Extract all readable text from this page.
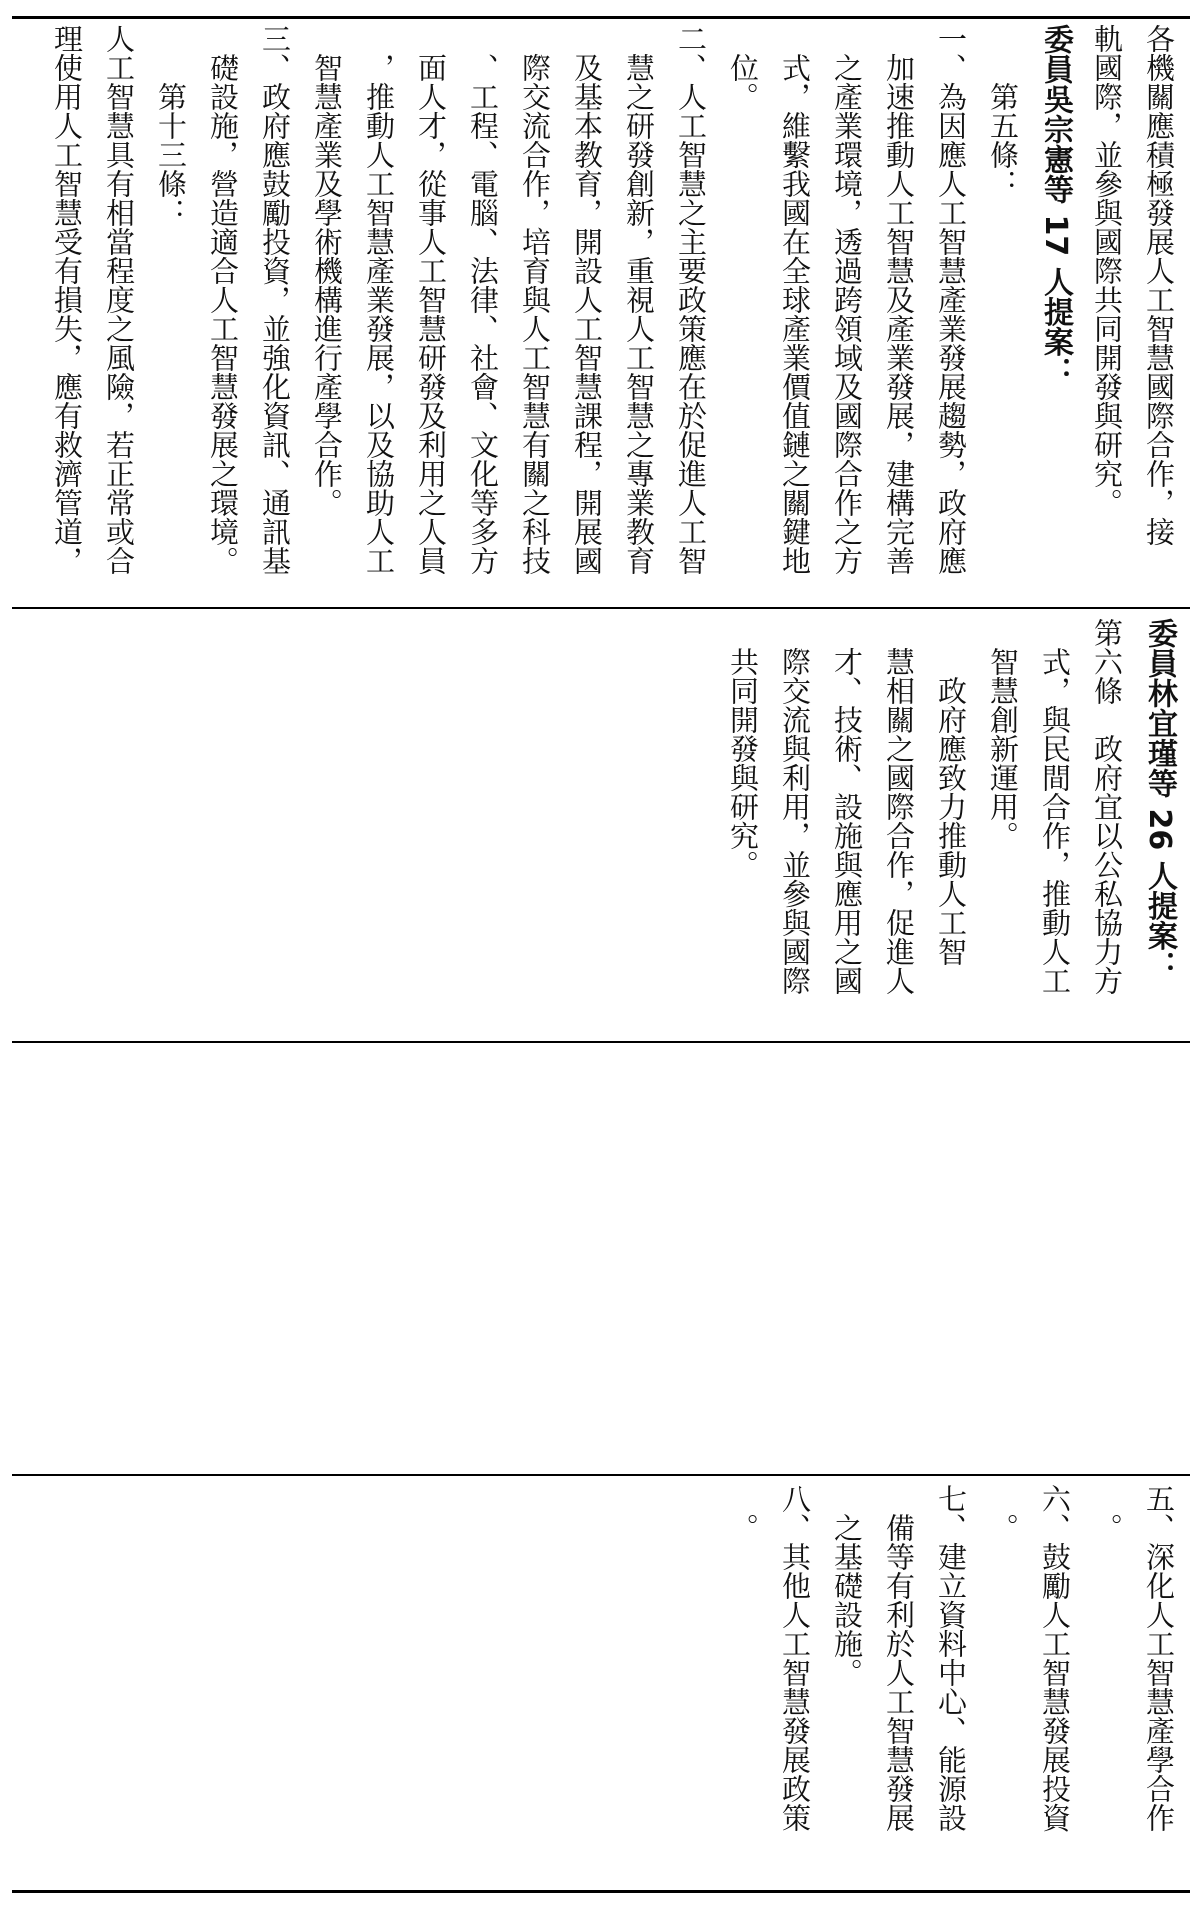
各機關應積極發展人工智慧國際合作，接

軌國際，並參與國際共同開發與研究。

委員吳宗憲等 17 人提案：

　　第五條：

一、為因應人工智慧產業發展趨勢，政府應

　加速推動人工智慧及產業發展，建構完善

　之產業環境，透過跨領域及國際合作之方

　式，維繫我國在全球產業價值鏈之關鍵地

　位。

二、人工智慧之主要政策應在於促進人工智

　慧之研發創新，重視人工智慧之專業教育

　及基本教育，開設人工智慧課程，開展國

　際交流合作，培育與人工智慧有關之科技

　、工程、電腦、法律、社會、文化等多方

　面人才，從事人工智慧研發及利用之人員

　，推動人工智慧產業發展，以及協助人工

　智慧產業及學術機構進行產學合作。

三、政府應鼓勵投資，並強化資訊、通訊基

　礎設施，營造適合人工智慧發展之環境。

　　第十三條：

人工智慧具有相當程度之風險，若正常或合

理使用人工智慧受有損失，應有救濟管道，

委員林宜瑾等 26 人提案：

第六條　政府宜以公私協力方

　式，與民間合作，推動人工

　智慧創新運用。

　　政府應致力推動人工智

　慧相關之國際合作，促進人

　才、技術、設施與應用之國

　際交流與利用，並參與國際

　共同開發與研究。

五、深化人工智慧產學合作

　。

六、鼓勵人工智慧發展投資

　。

七、建立資料中心、能源設

　備等有利於人工智慧發展

　之基礎設施。

八、其他人工智慧發展政策

　。
